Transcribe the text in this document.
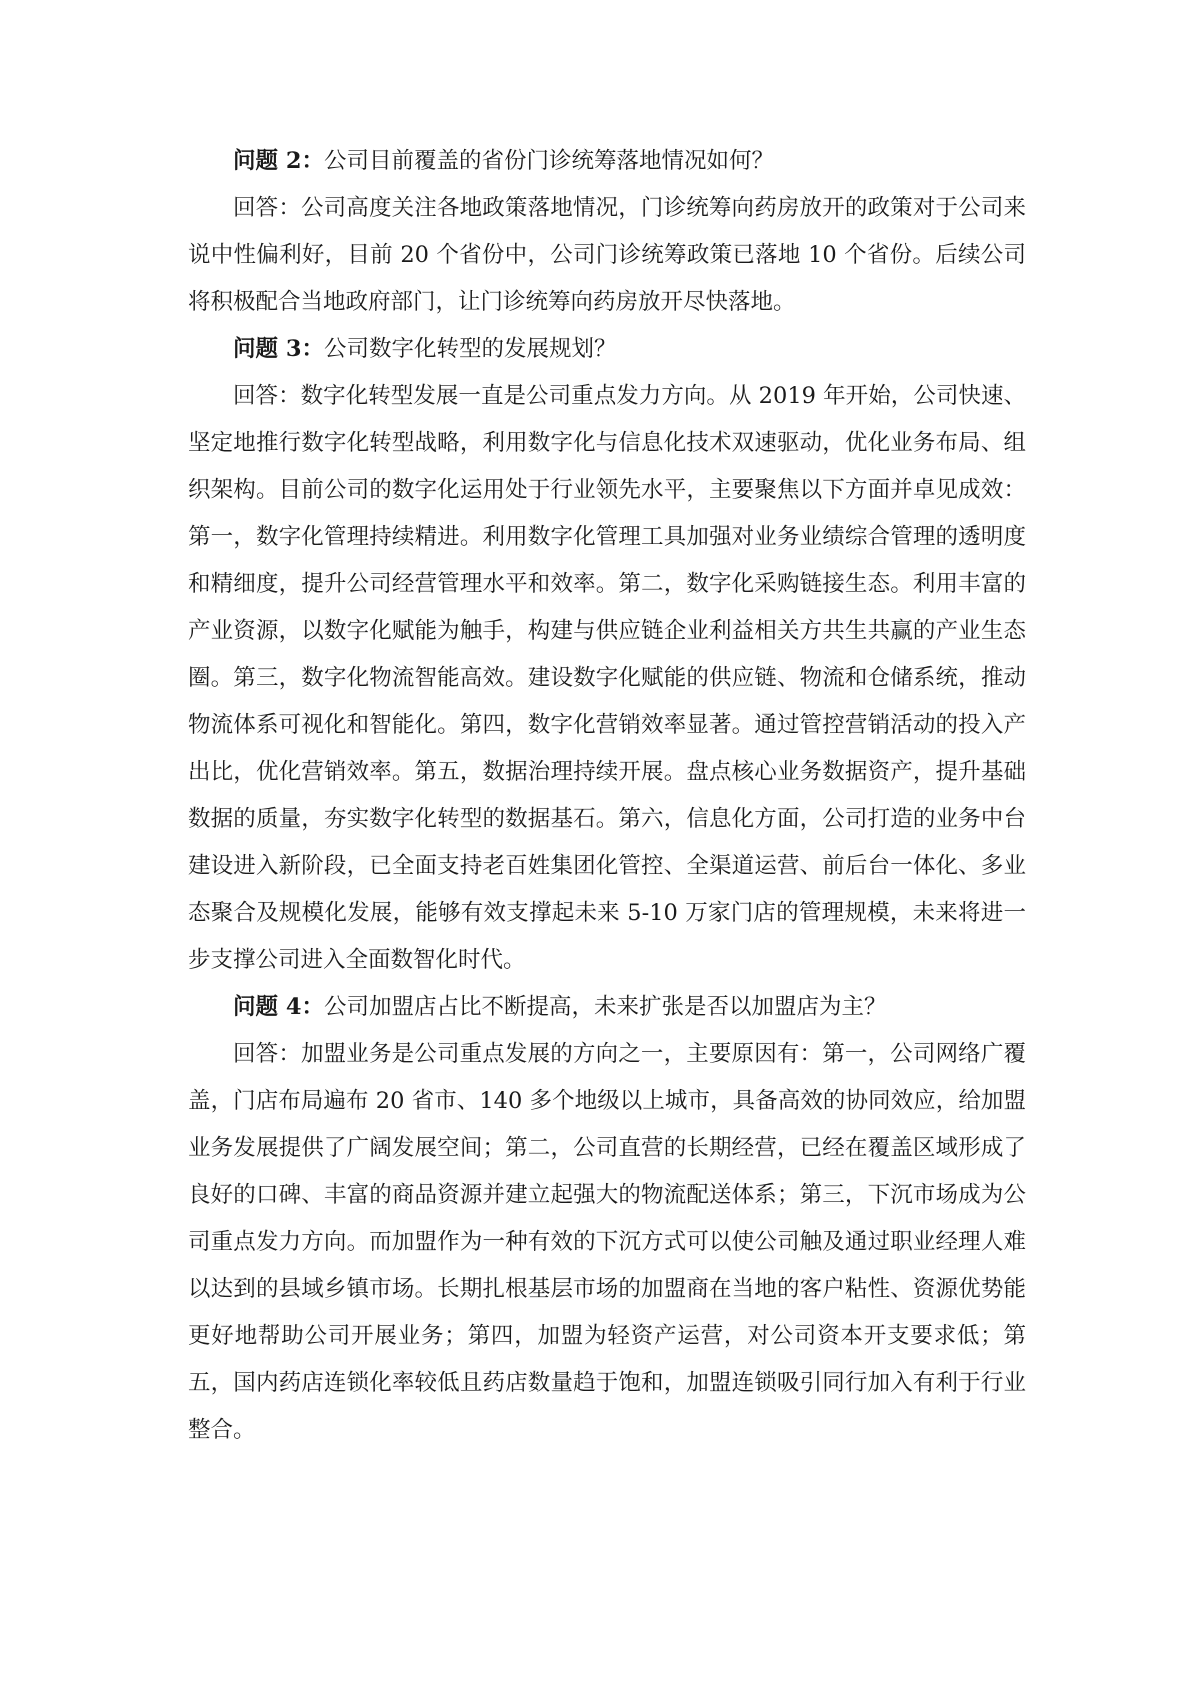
问题 2：公司目前覆盖的省份门诊统筹落地情况如何？

回答：公司高度关注各地政策落地情况，门诊统筹向药房放开的政策对于公司来说中性偏利好，目前 20 个省份中，公司门诊统筹政策已落地 10 个省份。后续公司将积极配合当地政府部门，让门诊统筹向药房放开尽快落地。

问题 3：公司数字化转型的发展规划？

回答：数字化转型发展一直是公司重点发力方向。从 2019 年开始，公司快速、坚定地推行数字化转型战略，利用数字化与信息化技术双速驱动，优化业务布局、组织架构。目前公司的数字化运用处于行业领先水平，主要聚焦以下方面并卓见成效：第一，数字化管理持续精进。利用数字化管理工具加强对业务业绩综合管理的透明度和精细度，提升公司经营管理水平和效率。第二，数字化采购链接生态。利用丰富的产业资源，以数字化赋能为触手，构建与供应链企业利益相关方共生共赢的产业生态圈。第三，数字化物流智能高效。建设数字化赋能的供应链、物流和仓储系统，推动物流体系可视化和智能化。第四，数字化营销效率显著。通过管控营销活动的投入产出比，优化营销效率。第五，数据治理持续开展。盘点核心业务数据资产，提升基础数据的质量，夯实数字化转型的数据基石。第六，信息化方面，公司打造的业务中台建设进入新阶段，已全面支持老百姓集团化管控、全渠道运营、前后台一体化、多业态聚合及规模化发展，能够有效支撑起未来 5-10 万家门店的管理规模，未来将进一步支撑公司进入全面数智化时代。

问题 4：公司加盟店占比不断提高，未来扩张是否以加盟店为主？

回答：加盟业务是公司重点发展的方向之一，主要原因有：第一，公司网络广覆盖，门店布局遍布 20 省市、140 多个地级以上城市，具备高效的协同效应，给加盟业务发展提供了广阔发展空间；第二，公司直营的长期经营，已经在覆盖区域形成了良好的口碑、丰富的商品资源并建立起强大的物流配送体系；第三，下沉市场成为公司重点发力方向。而加盟作为一种有效的下沉方式可以使公司触及通过职业经理人难以达到的县域乡镇市场。长期扎根基层市场的加盟商在当地的客户粘性、资源优势能更好地帮助公司开展业务；第四，加盟为轻资产运营，对公司资本开支要求低；第五，国内药店连锁化率较低且药店数量趋于饱和，加盟连锁吸引同行加入有利于行业整合。
